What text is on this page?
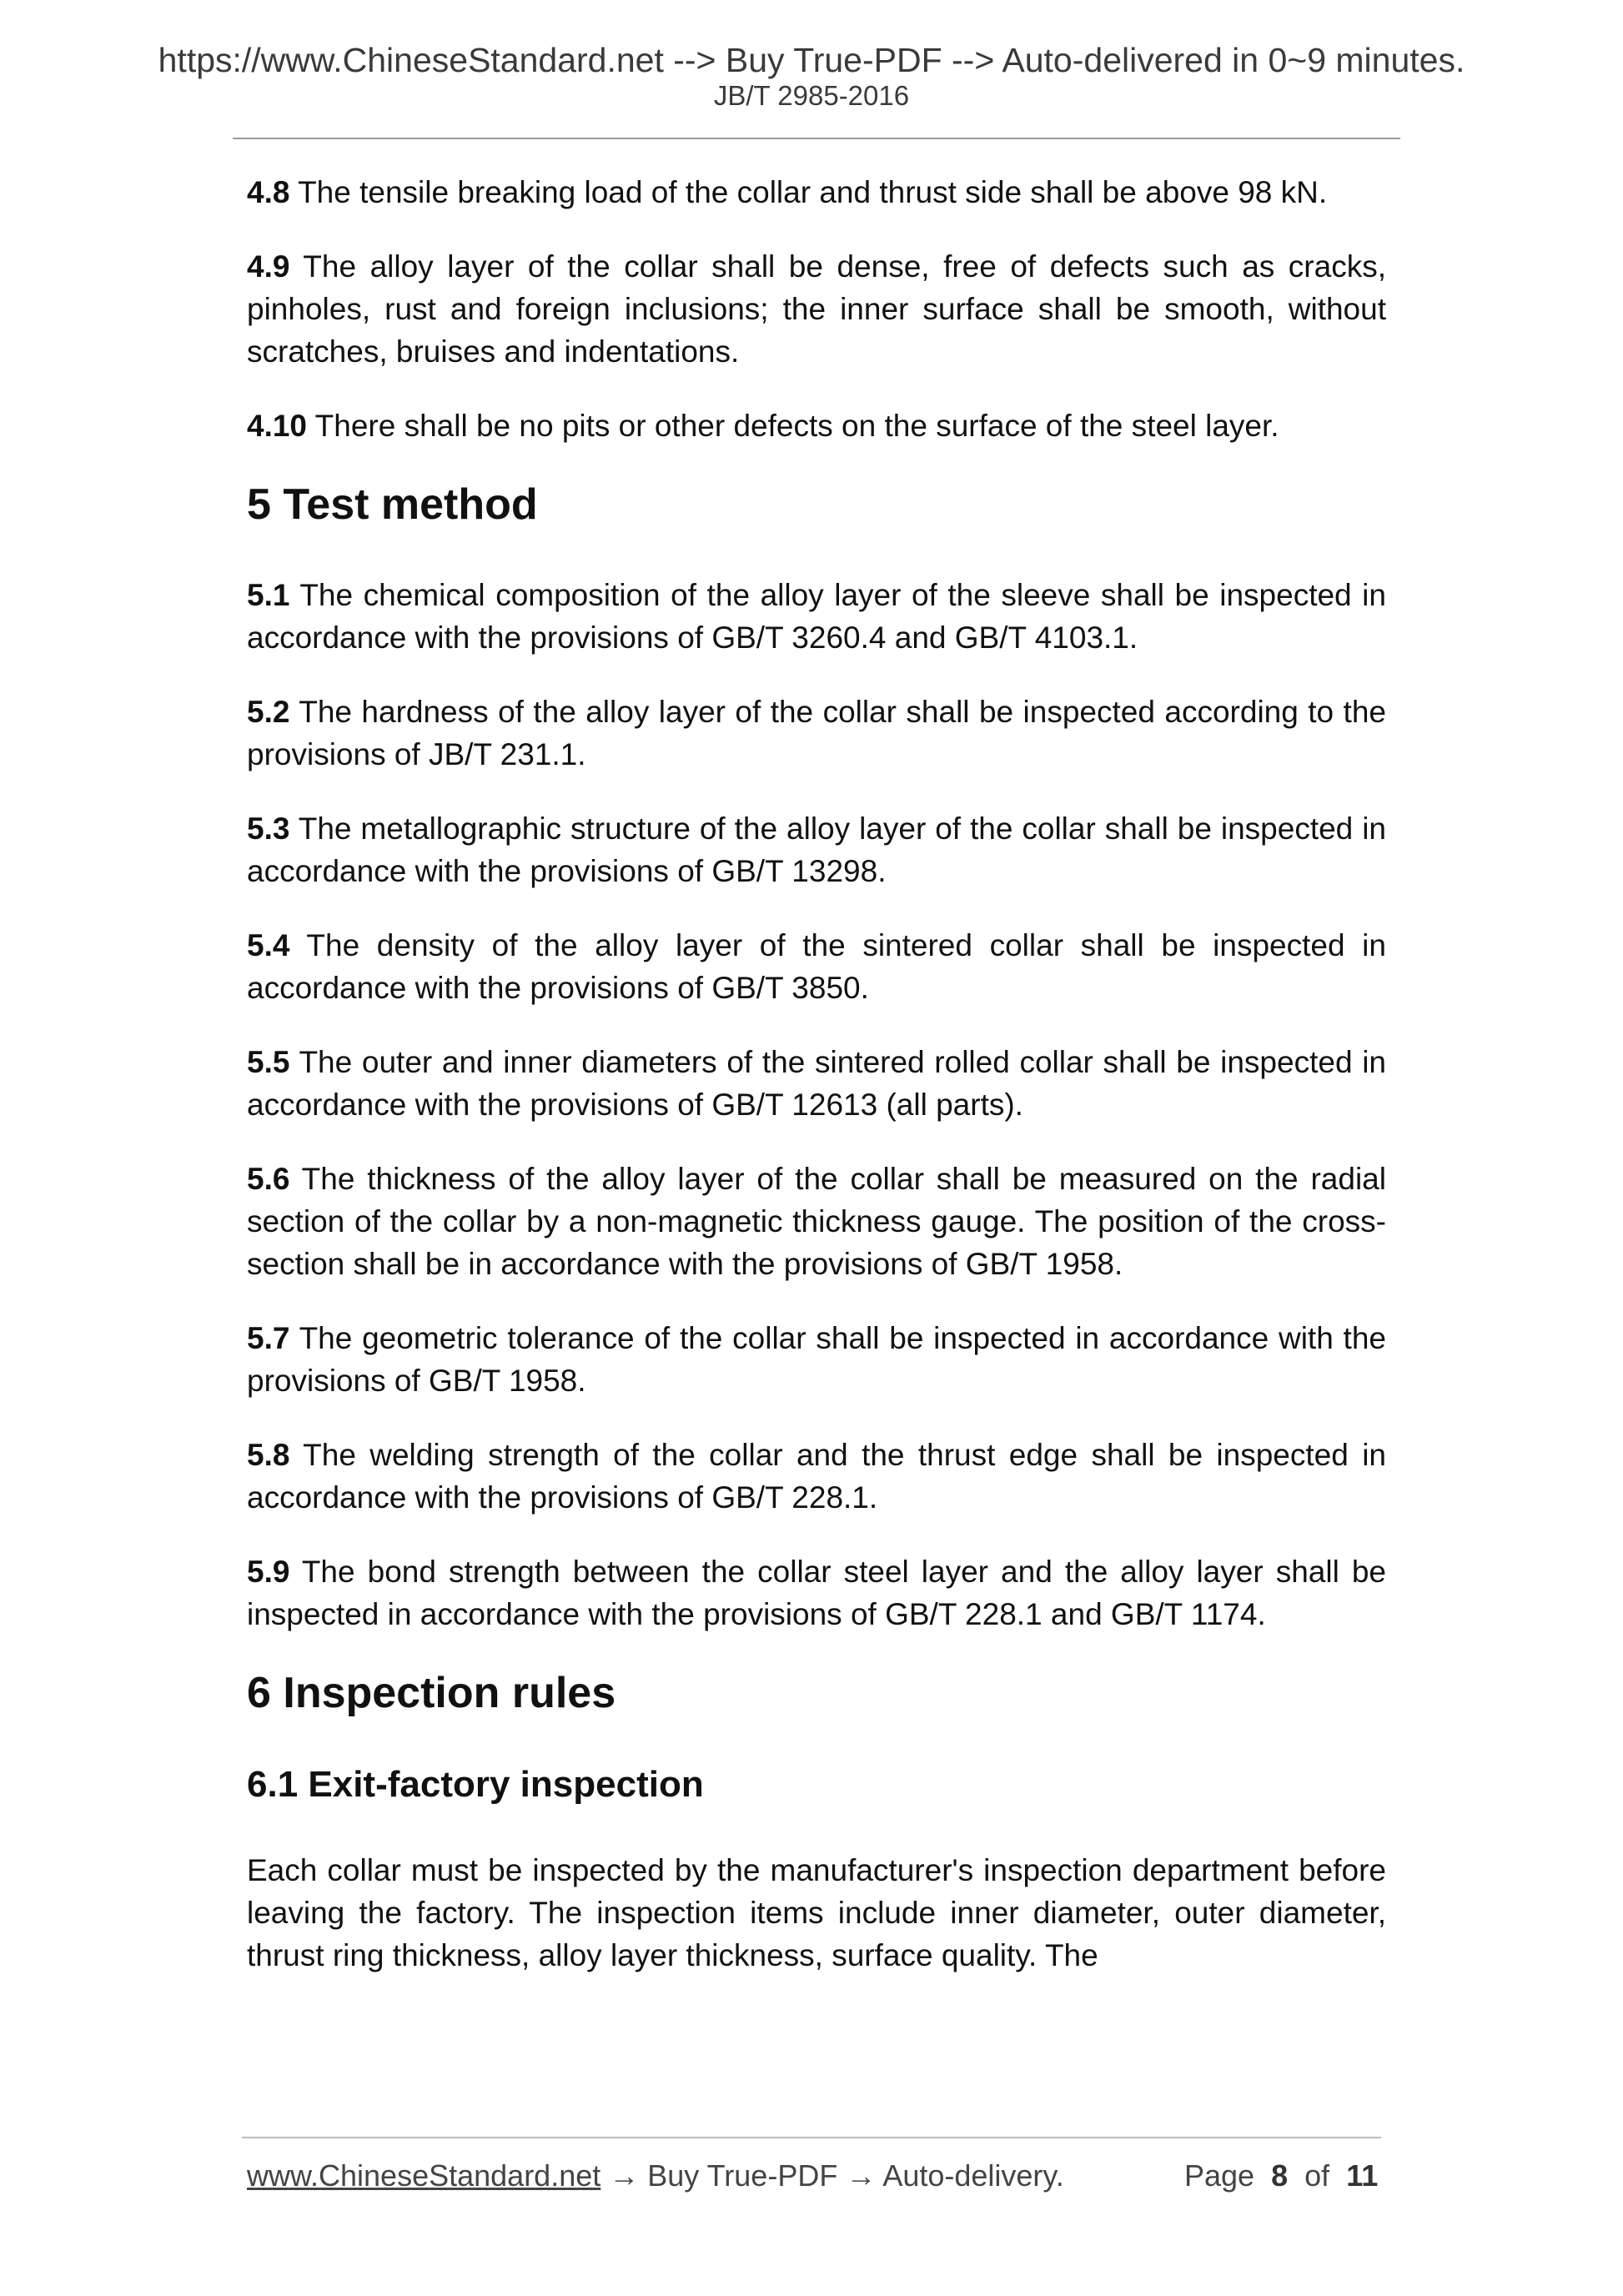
https://www.ChineseStandard.net --> Buy True-PDF --> Auto-delivered in 0~9 minutes.
JB/T 2985-2016

4.8 The tensile breaking load of the collar and thrust side shall be above 98 kN.

4.9 The alloy layer of the collar shall be dense, free of defects such as cracks, pinholes, rust and foreign inclusions; the inner surface shall be smooth, without scratches, bruises and indentations.

4.10 There shall be no pits or other defects on the surface of the steel layer.

5 Test method

5.1 The chemical composition of the alloy layer of the sleeve shall be inspected in accordance with the provisions of GB/T 3260.4 and GB/T 4103.1.

5.2 The hardness of the alloy layer of the collar shall be inspected according to the provisions of JB/T 231.1.

5.3 The metallographic structure of the alloy layer of the collar shall be inspected in accordance with the provisions of GB/T 13298.

5.4 The density of the alloy layer of the sintered collar shall be inspected in accordance with the provisions of GB/T 3850.

5.5 The outer and inner diameters of the sintered rolled collar shall be inspected in accordance with the provisions of GB/T 12613 (all parts).

5.6 The thickness of the alloy layer of the collar shall be measured on the radial section of the collar by a non-magnetic thickness gauge. The position of the cross-section shall be in accordance with the provisions of GB/T 1958.

5.7 The geometric tolerance of the collar shall be inspected in accordance with the provisions of GB/T 1958.

5.8 The welding strength of the collar and the thrust edge shall be inspected in accordance with the provisions of GB/T 228.1.

5.9 The bond strength between the collar steel layer and the alloy layer shall be inspected in accordance with the provisions of GB/T 228.1 and GB/T 1174.

6 Inspection rules
6.1 Exit-factory inspection

Each collar must be inspected by the manufacturer's inspection department before leaving the factory. The inspection items include inner diameter, outer diameter, thrust ring thickness, alloy layer thickness, surface quality. The

www.ChineseStandard.net → Buy True-PDF → Auto-delivery.	Page 8 of 11
